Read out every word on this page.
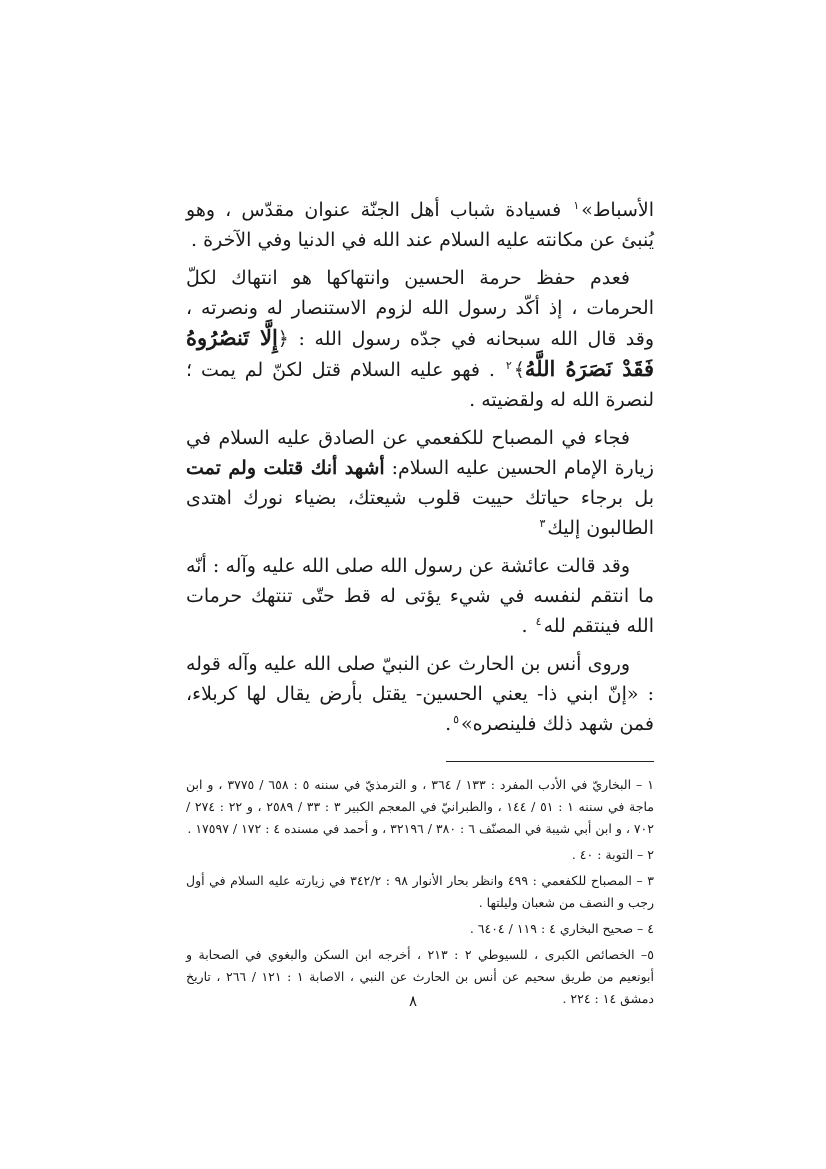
الأسباط»$^١$ فسيادة شباب أهل الجنّة عنوان مقدّس ، وهو يُنبئ عن مكانته عليه السلام عند الله في الدنيا وفي الآخرة .

فعدم حفظ حرمة الحسين وانتهاكها هو انتهاك لكلّ الحرمات ، إذ أكّد رسول الله لزوم الاستنصار له ونصرته ، وقد قال الله سبحانه في جدّه رسول الله : ﴿إِلَّا تَنصُرُوهُ فَقَدْ نَصَرَهُ اللَّهُ﴾$^٢$ . فهو عليه السلام قتل لكنّ لم يمت ؛ لنصرة الله له ولقضيته .

فجاء في المصباح للكفعمي عن الصادق عليه السلام في زيارة الإمام الحسين عليه السلام: أشهد أنك قتلت ولم تمت بل برجاء حياتك حييت قلوب شيعتك، بضياء نورك اهتدى الطالبون إليك$^٣$

وقد قالت عائشة عن رسول الله صلى الله عليه وآله : أنّه ما انتقم لنفسه في شيء يؤتى له قط حتّى تنتهك حرمات الله فينتقم لله$^٤$ .

وروى أنس بن الحارث عن النبيّ صلى الله عليه وآله قوله : «إنّ ابني ذا- يعني الحسين- يقتل بأرض يقال لها كربلاء، فمن شهد ذلك فلينصره»$^٥$.

١ – البخاريّ في الأدب المفرد : ١٣٣ / ٣٦٤ ، و الترمذيّ في سننه ٥ : ٦٥٨ / ٣٧٧٥ ، و ابن ماجة في سننه ١ : ٥١ / ١٤٤ ، والطبرانيّ في المعجم الكبير ٣ : ٣٣ / ٢٥٨٩ ، و ٢٢ : ٢٧٤ / ٧٠٢ ، و ابن أبي شيبة في المصنّف ٦ : ٣٨٠ / ٣٢١٩٦ ، و أحمد في مسنده ٤ : ١٧٢ / ١٧٥٩٧ .

٢ – التوبة : ٤٠ .

٣ – المصباح للكفعمي : ٤٩٩ وانظر بحار الأنوار ٩٨ : ٣٤٢/٢ في زيارته عليه السلام في أول رجب و النصف من شعبان وليلتها .

٤ – صحيح البخاري ٤ : ١١٩ / ٦٤٠٤ .

٥– الخصائص الكبرى ، للسيوطي ٢ : ٢١٣ ، أخرجه ابن السكن والبغوي في الصحابة و أبونعيم من طريق سحيم عن أنس بن الحارث عن النبي ، الاصابة ١ : ١٢١ / ٢٦٦ ، تاريخ دمشق ١٤ : ٢٢٤ .

٨
